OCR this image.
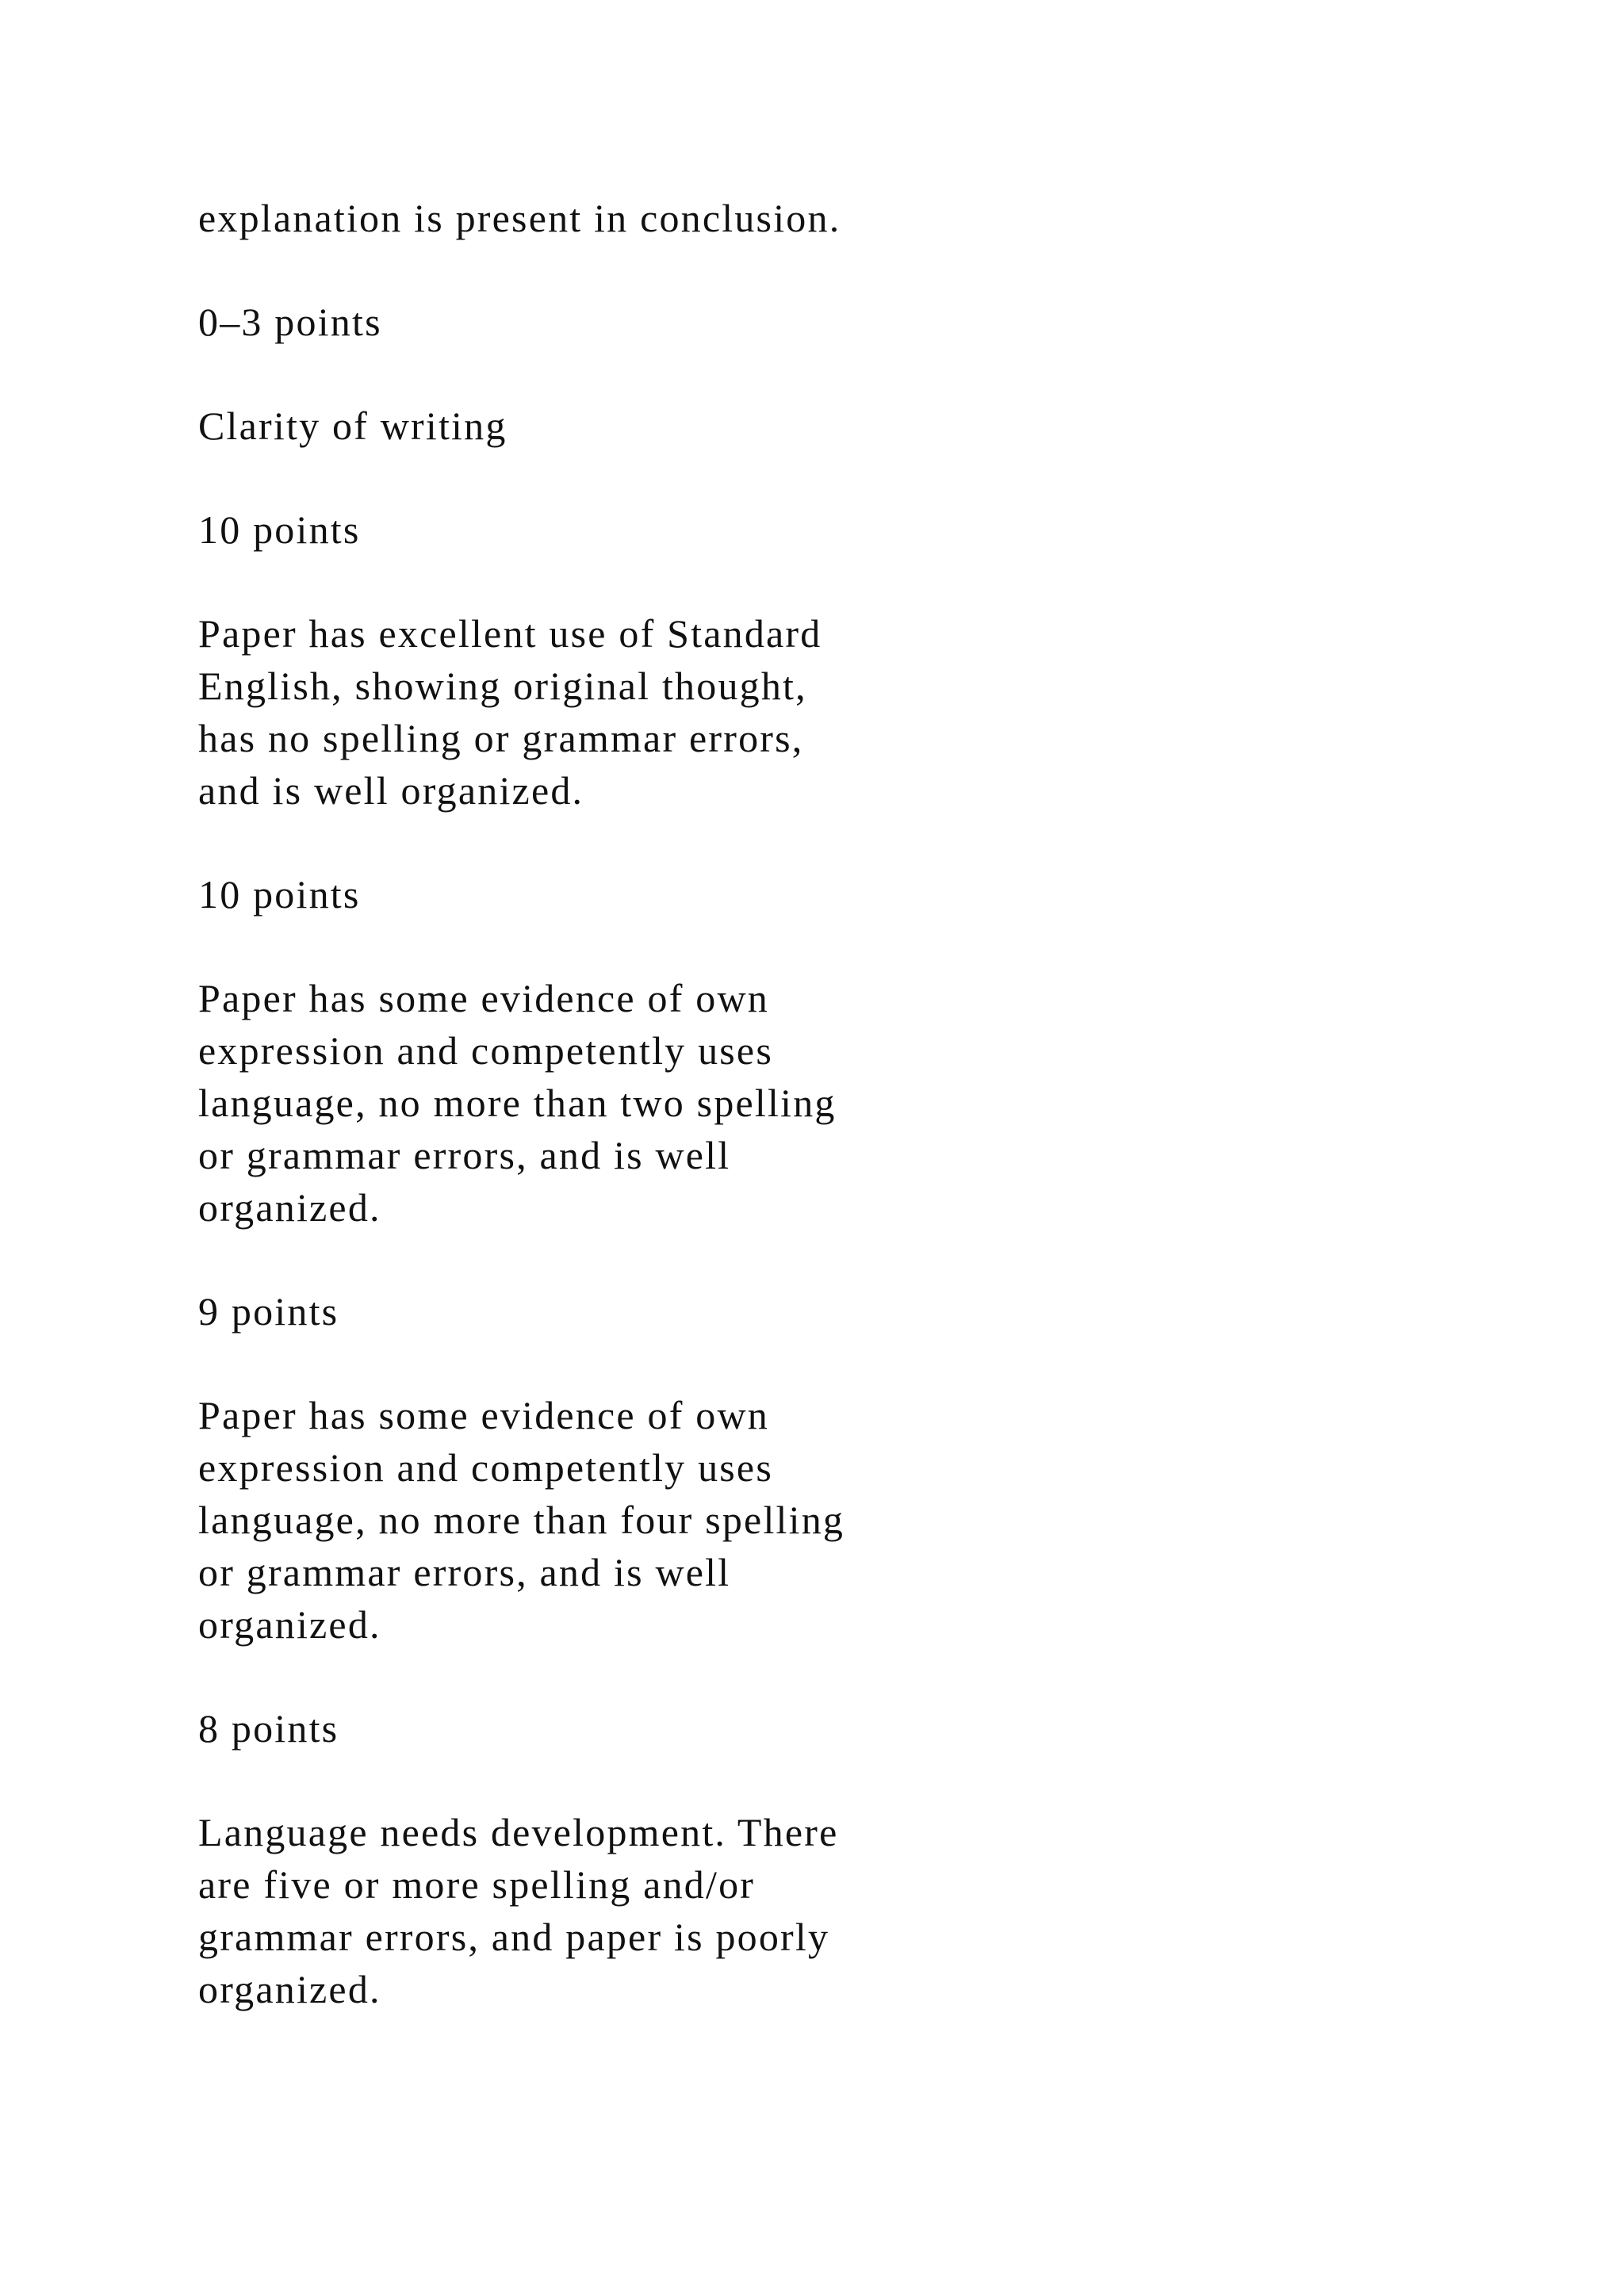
explanation is present in conclusion.

0–3 points

Clarity of writing

10 points

Paper has excellent use of Standard
English, showing original thought,
has no spelling or grammar errors,
and is well organized.

10 points

Paper has some evidence of own
expression and competently uses
language, no more than two spelling
or grammar errors, and is well
organized.

9 points

Paper has some evidence of own
expression and competently uses
language, no more than four spelling
or grammar errors, and is well
organized.

8 points

Language needs development. There
are five or more spelling and/or
grammar errors, and paper is poorly
organized.
